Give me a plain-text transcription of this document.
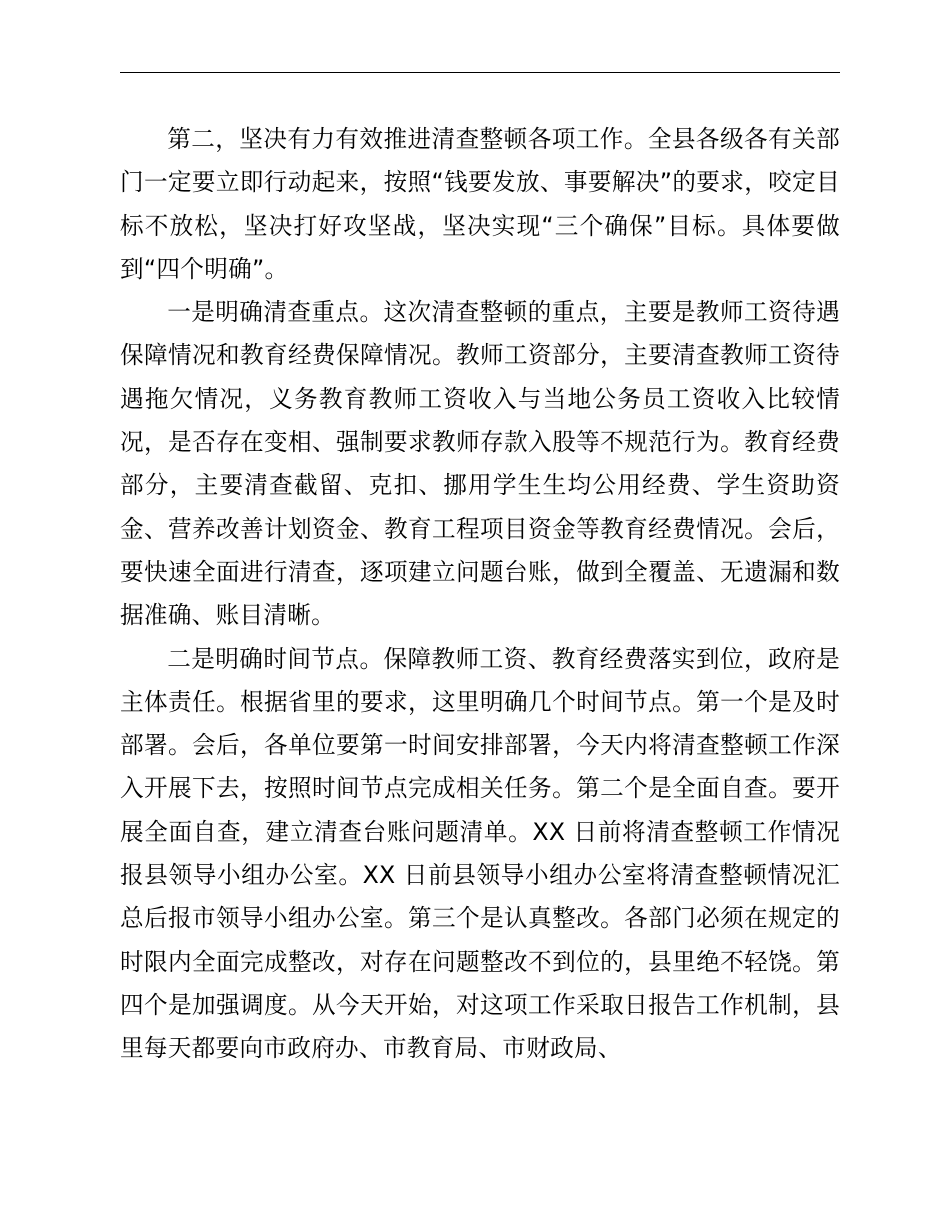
第二，坚决有力有效推进清查整顿各项工作。全县各级各有关部门一定要立即行动起来，按照“钱要发放、事要解决”的要求，咬定目标不放松，坚决打好攻坚战，坚决实现“三个确保”目标。具体要做到“四个明确”。

一是明确清查重点。这次清查整顿的重点，主要是教师工资待遇保障情况和教育经费保障情况。教师工资部分，主要清查教师工资待遇拖欠情况，义务教育教师工资收入与当地公务员工资收入比较情况，是否存在变相、强制要求教师存款入股等不规范行为。教育经费部分，主要清查截留、克扣、挪用学生生均公用经费、学生资助资金、营养改善计划资金、教育工程项目资金等教育经费情况。会后，要快速全面进行清查，逐项建立问题台账，做到全覆盖、无遗漏和数据准确、账目清晰。

二是明确时间节点。保障教师工资、教育经费落实到位，政府是主体责任。根据省里的要求，这里明确几个时间节点。第一个是及时部署。会后，各单位要第一时间安排部署，今天内将清查整顿工作深入开展下去，按照时间节点完成相关任务。第二个是全面自查。要开展全面自查，建立清查台账问题清单。XX 日前将清查整顿工作情况报县领导小组办公室。XX 日前县领导小组办公室将清查整顿情况汇总后报市领导小组办公室。第三个是认真整改。各部门必须在规定的时限内全面完成整改，对存在问题整改不到位的，县里绝不轻饶。第四个是加强调度。从今天开始，对这项工作采取日报告工作机制，县里每天都要向市政府办、市教育局、市财政局、
